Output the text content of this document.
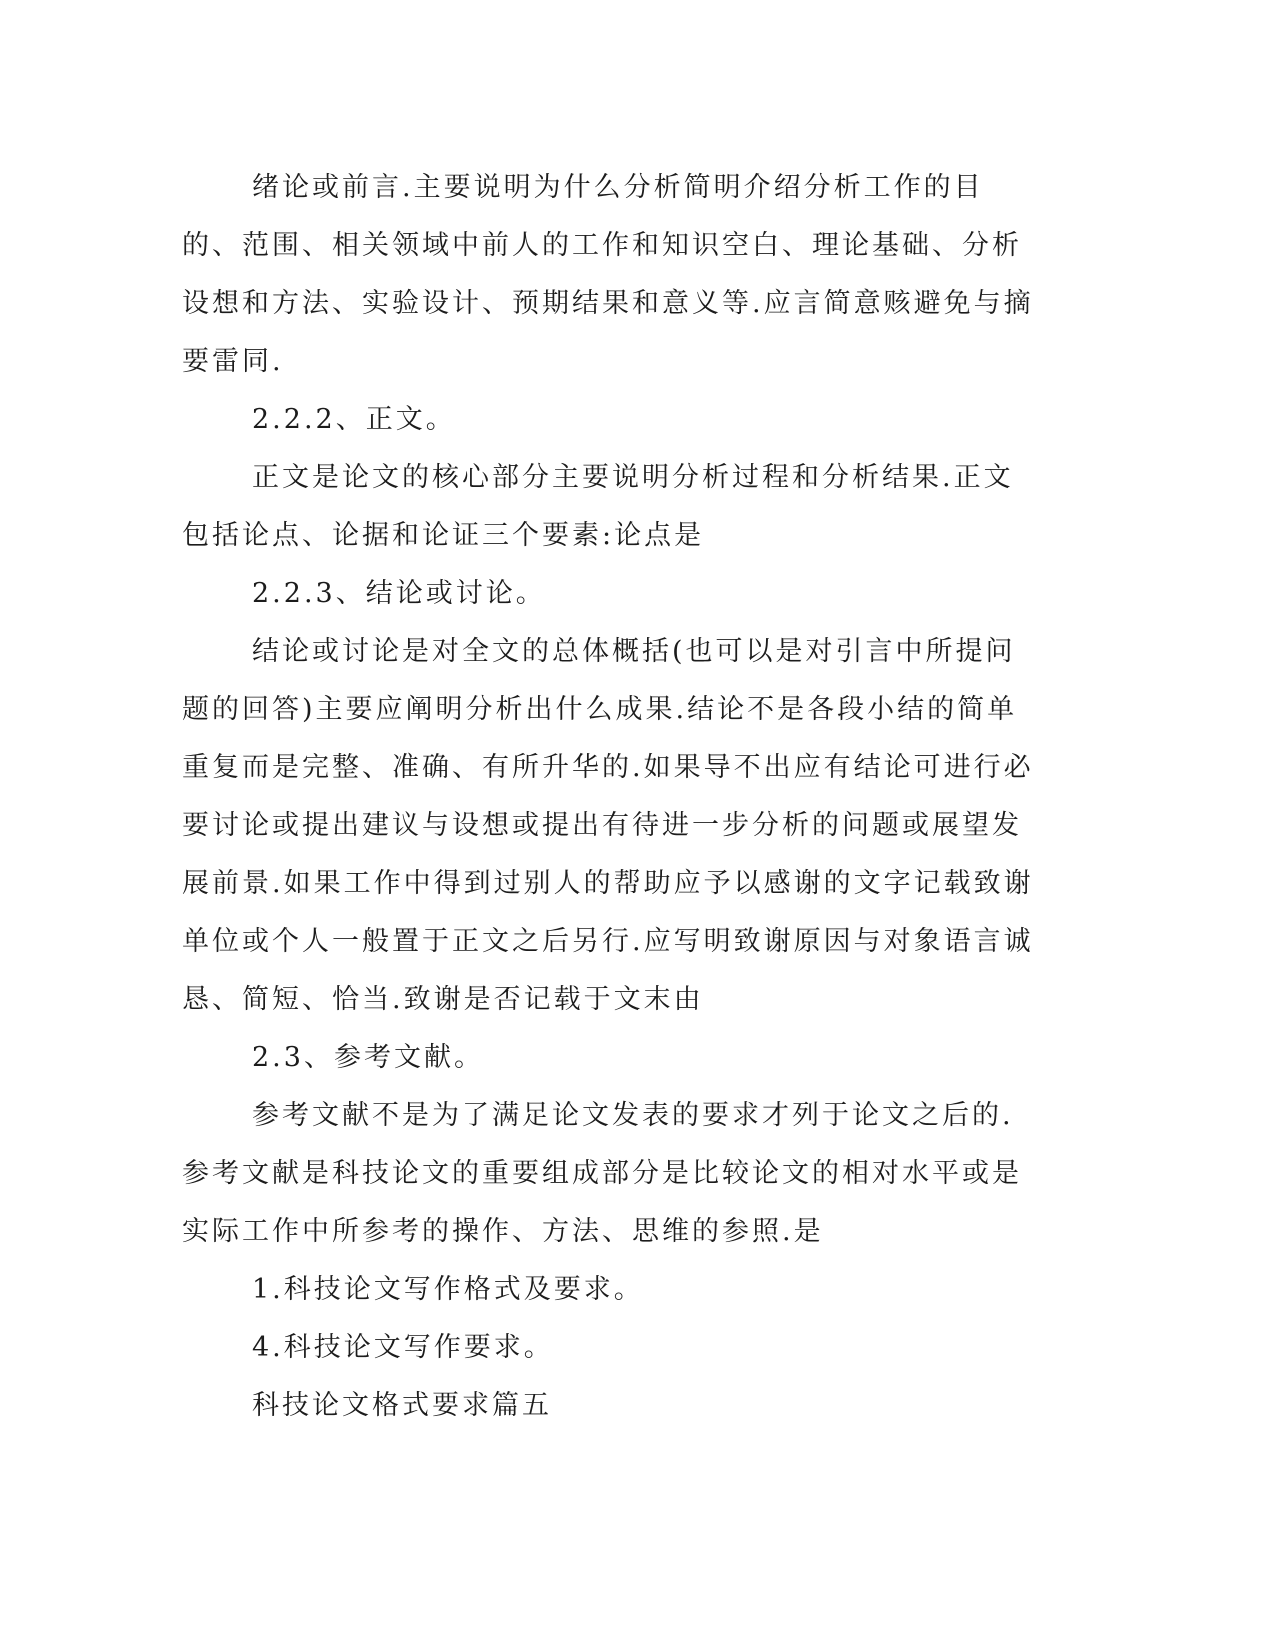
绪论或前言.主要说明为什么分析简明介绍分析工作的目的、范围、相关领域中前人的工作和知识空白、理论基础、分析设想和方法、实验设计、预期结果和意义等.应言简意赅避免与摘要雷同.

2.2.2、正文。

正文是论文的核心部分主要说明分析过程和分析结果.正文包括论点、论据和论证三个要素:论点是

2.2.3、结论或讨论。

结论或讨论是对全文的总体概括(也可以是对引言中所提问题的回答)主要应阐明分析出什么成果.结论不是各段小结的简单重复而是完整、准确、有所升华的.如果导不出应有结论可进行必要讨论或提出建议与设想或提出有待进一步分析的问题或展望发展前景.如果工作中得到过别人的帮助应予以感谢的文字记载致谢单位或个人一般置于正文之后另行.应写明致谢原因与对象语言诚恳、简短、恰当.致谢是否记载于文末由

2.3、参考文献。

参考文献不是为了满足论文发表的要求才列于论文之后的.参考文献是科技论文的重要组成部分是比较论文的相对水平或是实际工作中所参考的操作、方法、思维的参照.是

1.科技论文写作格式及要求。

4.科技论文写作要求。

科技论文格式要求篇五
